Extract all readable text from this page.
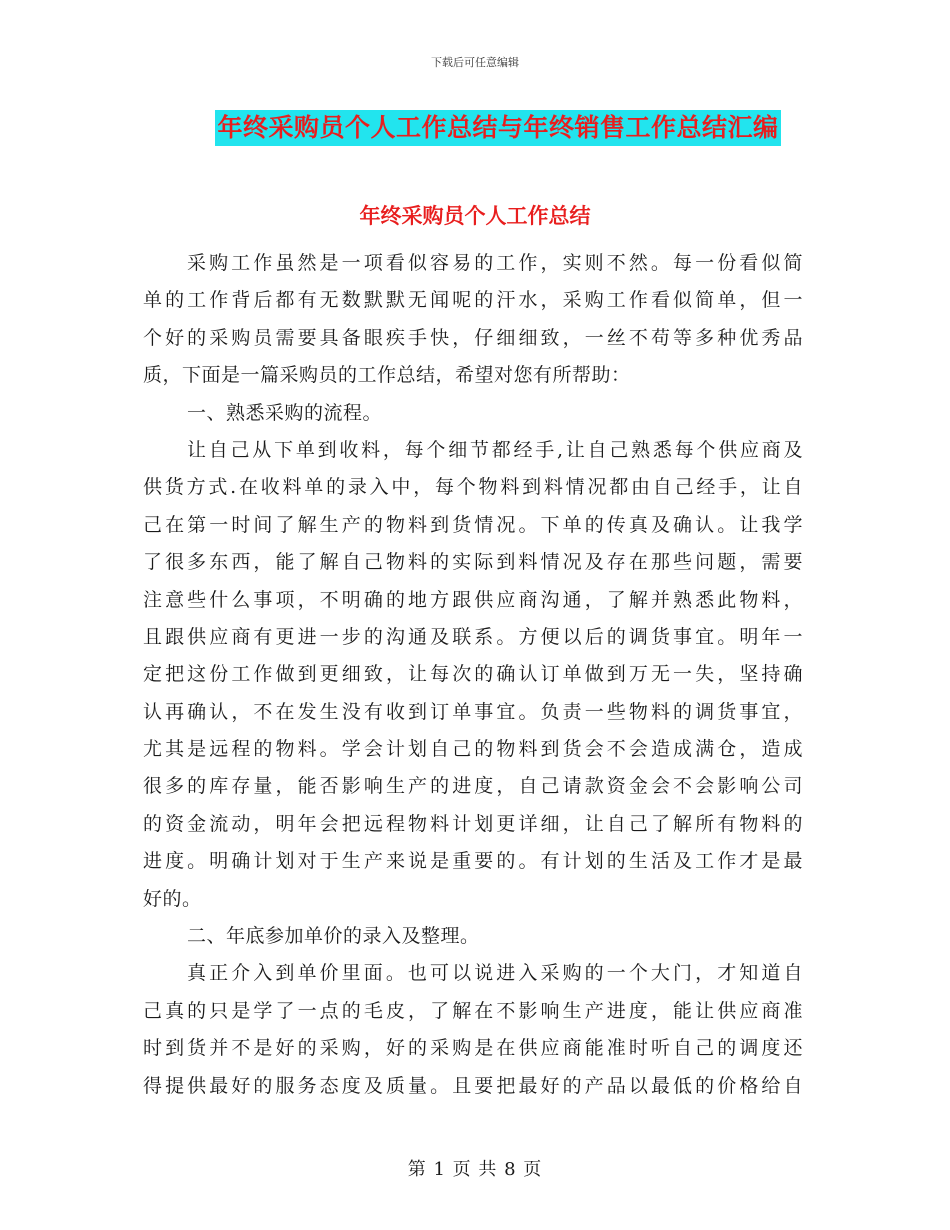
下载后可任意编辑
年终采购员个人工作总结与年终销售工作总结汇编
年终采购员个人工作总结
采购工作虽然是一项看似容易的工作，实则不然。每一份看似简
单的工作背后都有无数默默无闻呢的汗水，采购工作看似简单，但一
个好的采购员需要具备眼疾手快，仔细细致，一丝不苟等多种优秀品
质，下面是一篇采购员的工作总结，希望对您有所帮助：
一、熟悉采购的流程。
让自己从下单到收料，每个细节都经手,让自己熟悉每个供应商及
供货方式.在收料单的录入中，每个物料到料情况都由自己经手，让自
己在第一时间了解生产的物料到货情况。下单的传真及确认。让我学
了很多东西，能了解自己物料的实际到料情况及存在那些问题，需要
注意些什么事项，不明确的地方跟供应商沟通，了解并熟悉此物料，
且跟供应商有更进一步的沟通及联系。方便以后的调货事宜。明年一
定把这份工作做到更细致，让每次的确认订单做到万无一失，坚持确
认再确认，不在发生没有收到订单事宜。负责一些物料的调货事宜，
尤其是远程的物料。学会计划自己的物料到货会不会造成满仓，造成
很多的库存量，能否影响生产的进度，自己请款资金会不会影响公司
的资金流动，明年会把远程物料计划更详细，让自己了解所有物料的
进度。明确计划对于生产来说是重要的。有计划的生活及工作才是最
好的。
二、年底参加单价的录入及整理。
真正介入到单价里面。也可以说进入采购的一个大门，才知道自
己真的只是学了一点的毛皮，了解在不影响生产进度，能让供应商准
时到货并不是好的采购，好的采购是在供应商能准时听自己的调度还
得提供最好的服务态度及质量。且要把最好的产品以最低的价格给自
第 1 页 共 8 页
